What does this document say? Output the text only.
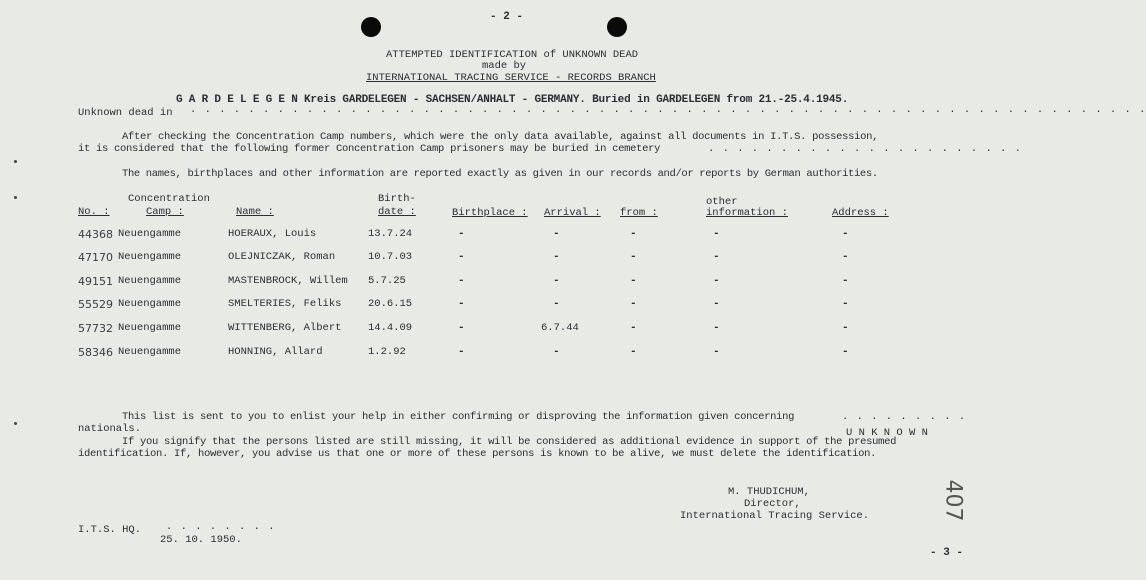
- 2 -
ATTEMPTED IDENTIFICATION of UNKNOWN DEAD
made by
INTERNATIONAL TRACING SERVICE - RECORDS BRANCH
G A R D E L E G E N Kreis GARDELEGEN - SACHSEN/ANHALT - GERMANY. Buried in GARDELEGEN from 21.-25.4.1945.
Unknown dead in . . . . . . . . . . . . . . . . . . . . . . . . . . . . . . . . . . . . . . . . . . . . . . . . . . . . . . . . . . . . . . . . . .
After checking the Concentration Camp numbers, which were the only data available, against all documents in I.T.S. possession,
it is considered that the following former Concentration Camp prisoners may be buried in cemetery	. . . . . . . . . . . . . . . . . . . . . .
The names, birthplaces and other information are reported exactly as given in our records and/or reports by German authorities.
Concentration	Birth-	other
No. :	Camp :	Name :	date :	Birthplace : Arrival : from :	information :	Address :
44368 Neuengamme	HOERAUX, Louis	13.7.24	-	-	-	-	-
47170 Neuengamme	OLEJNICZAK, Roman	10.7.03	-	-	-	-	-
49151 Neuengamme	MASTENBROCK, Willem 5.7.25	-	-	-	-	-
55529 Neuengamme	SMELTERIES, Feliks	20.6.15	-	-	-	-	-
57732 Neuengamme	WITTENBERG, Albert	14.4.09	-	6.7.44	-	-	-
58346 Neuengamme	HONNING, Allard	1.2.92	-	-	-	-	-
This list is sent to you to enlist your help in either confirming or disproving the information given concerning	. . . . . . . . .
nationals.	U N K N O W N
If you signify that the persons listed are still missing, it will be considered as additional evidence in support of the presumed
identification. If, however, you advise us that one or more of these persons is known to be alive, we must delete the identification.
M. THUDICHUM,
Director,
International Tracing Service.
I.T.S. HQ. . . . . . . . .
25. 10. 1950.
- 3 -
407
